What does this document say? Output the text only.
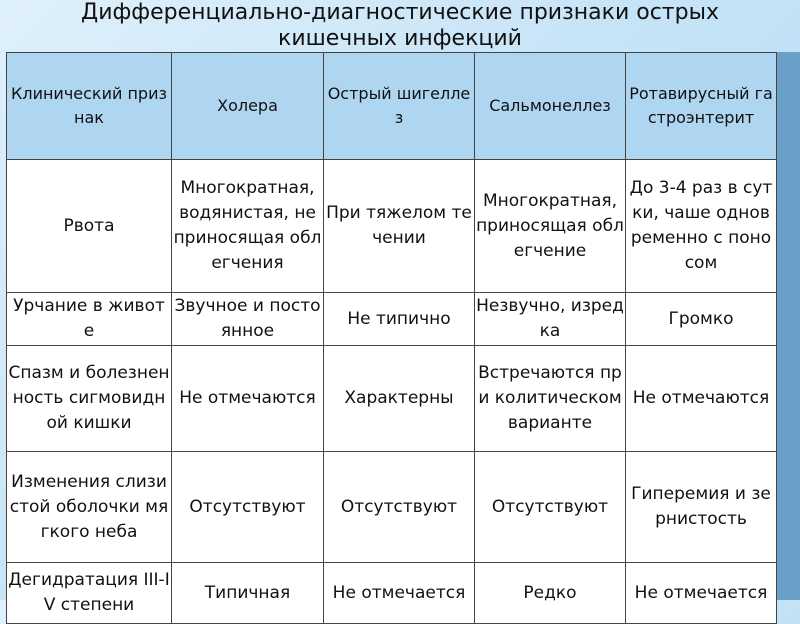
Дифференциально-диагностические признаки острых
кишечных инфекций
Клинический признак	Холера	Острый шигеллез	Сальмонеллез	Ротавирусный гастроэнтерит
Рвота	Многократная, водянистая, не приносящая облегчения	При тяжелом течении	Многократная, приносящая облегчение	До 3-4 раз в сутки, чаше одновременно с поносом
Урчание в животе	Звучное и постоянное	Не типично	Незвучно, изредка	Громко
Спазм и болезненность сигмовидной кишки	Не отмечаются	Характерны	Встречаются при колитическом варианте	Не отмечаются
Изменения слизистой оболочки мягкого неба	Отсутствуют	Отсутствуют	Отсутствуют	Гиперемия и зернистость
Дегидратация III-IV степени	Типичная	Не отмечается	Редко	Не отмечается
